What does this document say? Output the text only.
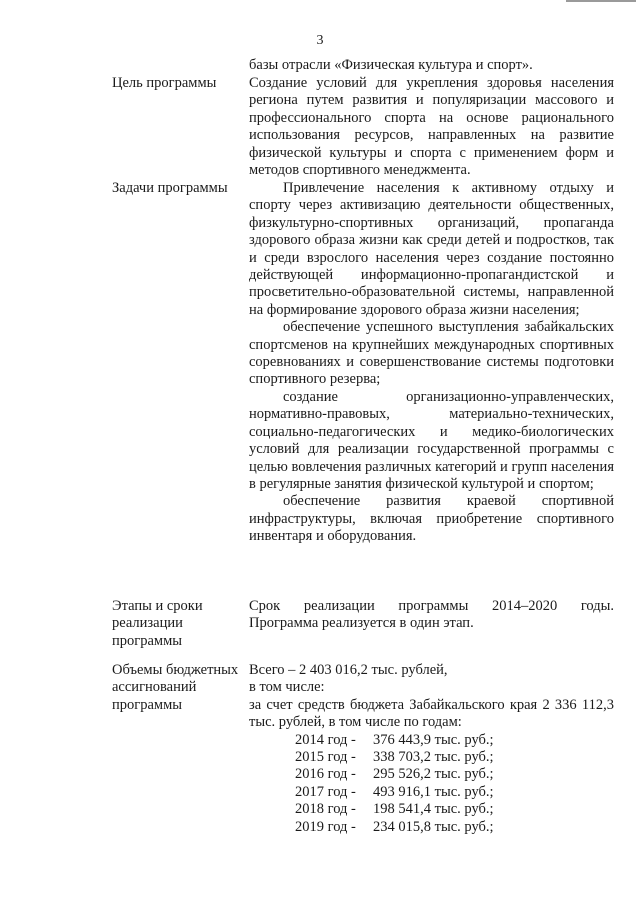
3
базы отрасли «Физическая культура и спорт».
Цель программы	Создание условий для укрепления здоровья населения региона путем развития и популяризации массового и профессионального спорта на основе рационального использования ресурсов, направленных на развитие физической культуры и спорта с применением форм и методов спортивного менеджмента.
Задачи программы	Привлечение населения к активному отдыху и спорту через активизацию деятельности общественных, физкультурно-спортивных организаций, пропаганда здорового образа жизни как среди детей и подростков, так и среди взрослого населения через создание постоянно действующей информационно-пропагандистской и просветительно-образовательной системы, направленной на формирование здорового образа жизни населения;
обеспечение успешного выступления забайкальских спортсменов на крупнейших международных спортивных соревнованиях и совершенствование системы подготовки спортивного резерва;
создание организационно-управленческих, нормативно-правовых, материально-технических, социально-педагогических и медико-биологических условий для реализации государственной программы с целью вовлечения различных категорий и групп населения в регулярные занятия физической культурой и спортом;
обеспечение развития краевой спортивной инфраструктуры, включая приобретение спортивного инвентаря и оборудования.
Этапы и сроки реализации программы
Срок реализации программы 2014–2020 годы.
Программа реализуется в один этап.
Объемы бюджетных ассигнований программы
Всего – 2 403 016,2 тыс. рублей,
в том числе:
за счет средств бюджета Забайкальского края 2 336 112,3 тыс. рублей, в том числе по годам:
2014 год - 376 443,9 тыс. руб.;
2015 год - 338 703,2 тыс. руб.;
2016 год - 295 526,2 тыс. руб.;
2017 год - 493 916,1 тыс. руб.;
2018 год - 198 541,4 тыс. руб.;
2019 год - 234 015,8 тыс. руб.;
